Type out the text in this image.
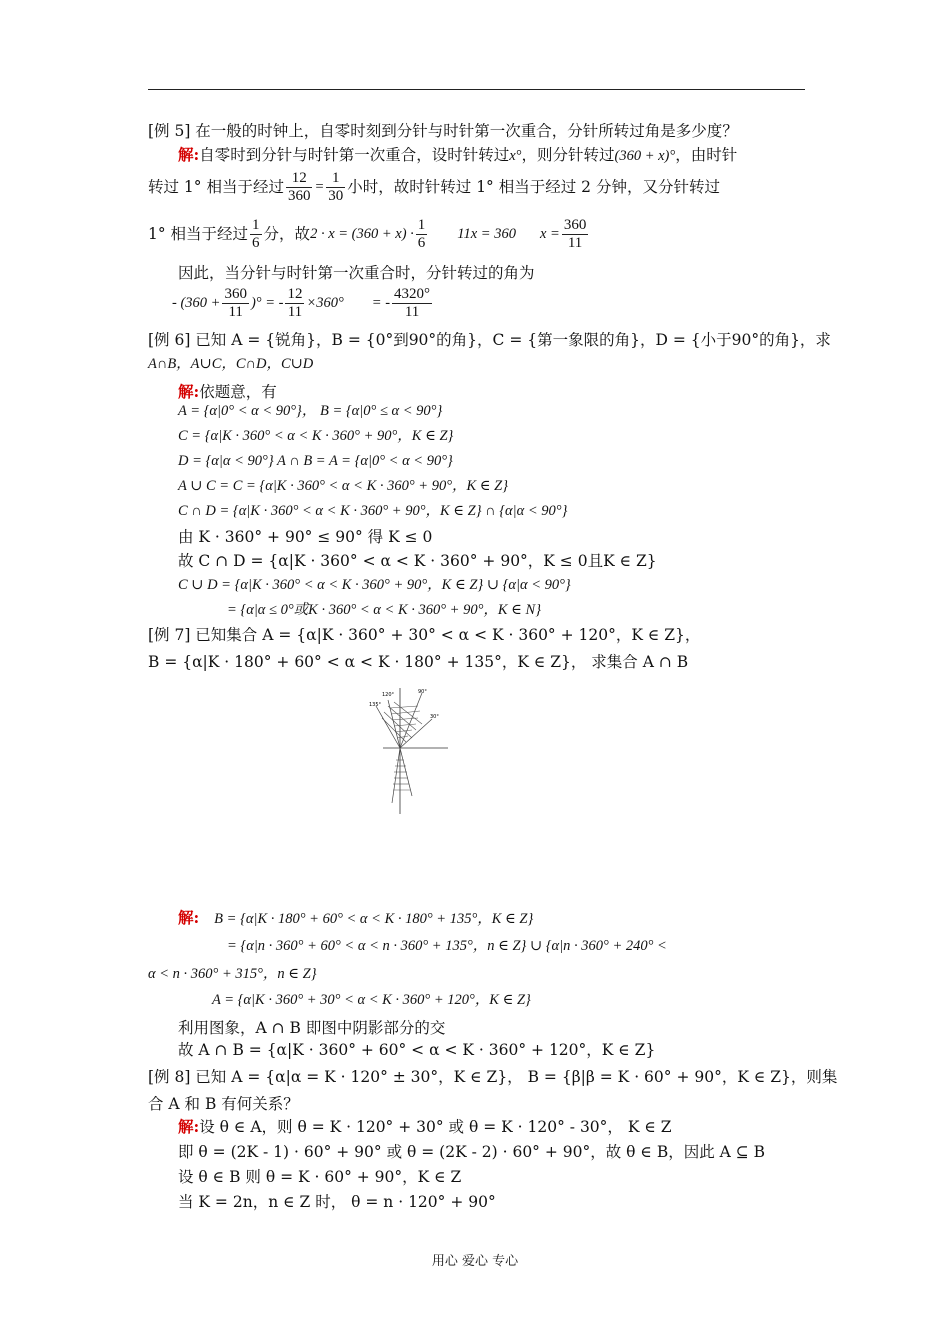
[例 5] 在一般的时钟上，自零时刻到分针与时针第一次重合，分针所转过角是多少度？
解:自零时到分针与时针第一次重合，设时针转过x°，则分针转过(360 + x)°，由时针
转过 1° 相当于经过 $\frac{12}{360} = \frac{1}{30}$ 小时，故时针转过 1° 相当于经过 2 分钟，又分针转过
1° 相当于经过 $\frac{1}{6}$ 分，故 $2 \cdot x = (360 + x) \cdot \frac{1}{6} 11x = 360$ $x = \frac{360}{11}$
因此，当分针与时针第一次重合时，分针转过的角为
- ($360 + \frac{360}{11}$ )° = - $\frac{12}{11} \times 360^\circ$ = - $\frac{4320^\circ}{11}$
[例 6] 已知 A = {锐角}，B = {0°到90°的角}，C = {第一象限的角}，D = {小于90°的角}，求
A∩B，A∪C，C∩D，C∪D
解:依题意，有
A = {α|0° < α < 90°}， B = {α|0° ≤ α < 90°}
C = {α|K · 360° < α < K · 360° + 90°，K ∈ Z}
D = {α|α < 90°} A ∩ B = A = {α|0° < α < 90°}
A ∪ C = C = {α|K · 360° < α < K · 360° + 90°，K ∈ Z}
C ∩ D = {α|K · 360° < α < K · 360° + 90°，K ∈ Z} ∩ {α|α < 90°}
由 K · 360° + 90° ≤ 90° 得 K ≤ 0
故 C ∩ D = {α|K · 360° < α < K · 360° + 90°，K ≤ 0且K ∈ Z}
C ∪ D = {α|K · 360° < α < K · 360° + 90°，K ∈ Z} ∪ {α|α < 90°}
= {α|α ≤ 0°或K · 360° < α < K · 360° + 90°，K ∈ N}
[例 7] 已知集合 A = {α|K · 360° + 30° < α < K · 360° + 120°，K ∈ Z}，
B = {α|K · 180° + 60° < α < K · 180° + 135°，K ∈ Z}， 求集合 A ∩ B
120°	90°
135°
30°
解: B = {α|K · 180° + 60° < α < K · 180° + 135°，K ∈ Z}
= {α|n · 360° + 60° < α < n · 360° + 135°，n ∈ Z} ∪ {α|n · 360° + 240° <
α < n · 360° + 315°，n ∈ Z}
A = {α|K · 360° + 30° < α < K · 360° + 120°，K ∈ Z}
利用图象，A ∩ B 即图中阴影部分的交
故 A ∩ B = {α|K · 360° + 60° < α < K · 360° + 120°，K ∈ Z}
[例 8] 已知 A = {α|α = K · 120° ± 30°，K ∈ Z}， B = {β|β = K · 60° + 90°，K ∈ Z}，则集
合 A 和 B 有何关系？
解:设 θ ∈ A，则 θ = K · 120° + 30° 或 θ = K · 120° - 30°， K ∈ Z
即 θ = (2K - 1) · 60° + 90° 或 θ = (2K - 2) · 60° + 90°，故 θ ∈ B，因此 A ⊆ B
设 θ ∈ B 则 θ = K · 60° + 90°，K ∈ Z
当 K = 2n，n ∈ Z 时， θ = n · 120° + 90°
用心 爱心 专心
